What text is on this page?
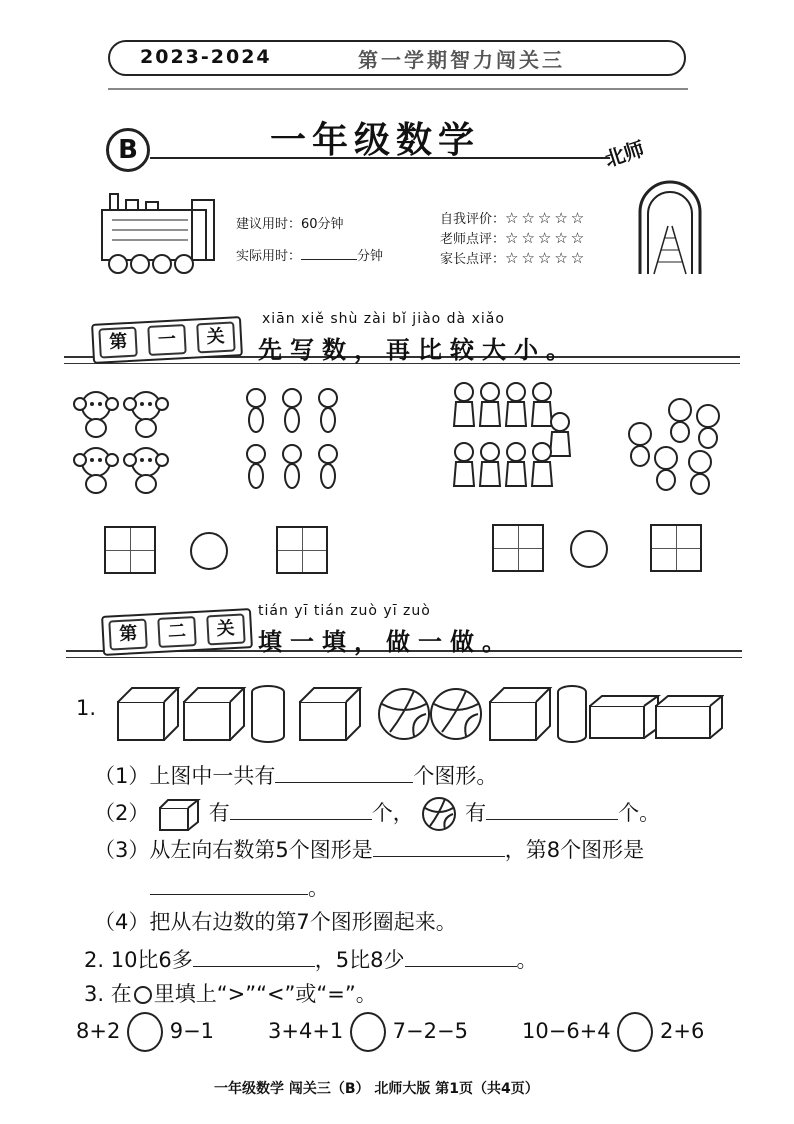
2023-2024	第一学期智力闯关三
B	一年级数学	北师
建议用时：60分钟
实际用时：	分钟
自我评价：☆☆☆☆☆
老师点评：☆☆☆☆☆
家长点评：☆☆☆☆☆
第	一	关
xiān xiě shù zài bǐ jiào dà xiǎo
先写数，再比较大小。
第	二	关
tián yī tián zuò yī zuò
填一填，做一做。
1.
（1）上图中一共有	个图形。
（2）	有	个， 有	个。
（3）从左向右数第5个图形是	，第8个图形是
。
（4）把从右边数的第7个图形圈起来。
2. 10比6多	，5比8少	。
3. 在 里填上“>”“<”或“=”。
8+2 9−1	3+4+1 7−2−5	10−6+4 2+6
一年级数学 闯关三（B） 北师大版 第1页（共4页）
